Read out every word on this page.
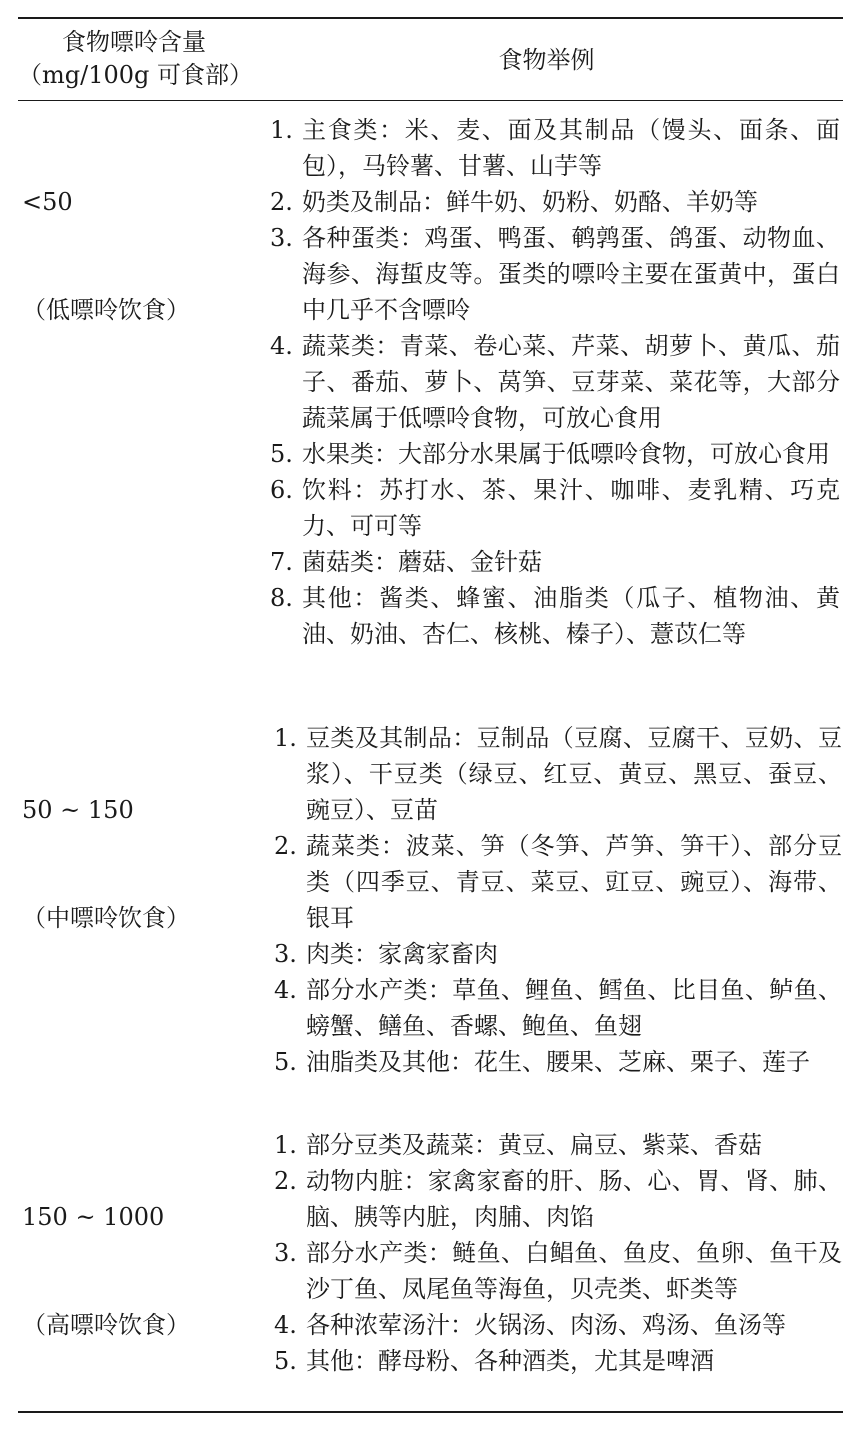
食物嘌呤含量
（mg/100g 可食部）
食物举例

<50

（低嘌呤饮食）

1. 主食类：米、麦、面及其制品（馒头、面条、面包），马铃薯、甘薯、山芋等
2. 奶类及制品：鲜牛奶、奶粉、奶酪、羊奶等
3. 各种蛋类：鸡蛋、鸭蛋、鹌鹑蛋、鸽蛋、动物血、海参、海蜇皮等。蛋类的嘌呤主要在蛋黄中，蛋白中几乎不含嘌呤
4. 蔬菜类：青菜、卷心菜、芹菜、胡萝卜、黄瓜、茄子、番茄、萝卜、莴笋、豆芽菜、菜花等，大部分蔬菜属于低嘌呤食物，可放心食用
5. 水果类：大部分水果属于低嘌呤食物，可放心食用
6. 饮料：苏打水、茶、果汁、咖啡、麦乳精、巧克力、可可等
7. 菌菇类：蘑菇、金针菇
8. 其他：酱类、蜂蜜、油脂类（瓜子、植物油、黄油、奶油、杏仁、核桃、榛子）、薏苡仁等

50 ~ 150

（中嘌呤饮食）

1. 豆类及其制品：豆制品（豆腐、豆腐干、豆奶、豆浆）、干豆类（绿豆、红豆、黄豆、黑豆、蚕豆、豌豆）、豆苗
2. 蔬菜类：波菜、笋（冬笋、芦笋、笋干）、部分豆类（四季豆、青豆、菜豆、豇豆、豌豆）、海带、银耳
3. 肉类：家禽家畜肉
4. 部分水产类：草鱼、鲤鱼、鳕鱼、比目鱼、鲈鱼、螃蟹、鳝鱼、香螺、鲍鱼、鱼翅
5. 油脂类及其他：花生、腰果、芝麻、栗子、莲子

150 ~ 1000

（高嘌呤饮食）

1. 部分豆类及蔬菜：黄豆、扁豆、紫菜、香菇
2. 动物内脏：家禽家畜的肝、肠、心、胃、肾、肺、脑、胰等内脏，肉脯、肉馅
3. 部分水产类：鲢鱼、白鲳鱼、鱼皮、鱼卵、鱼干及沙丁鱼、凤尾鱼等海鱼，贝壳类、虾类等
4. 各种浓荤汤汁：火锅汤、肉汤、鸡汤、鱼汤等
5. 其他：酵母粉、各种酒类，尤其是啤酒
